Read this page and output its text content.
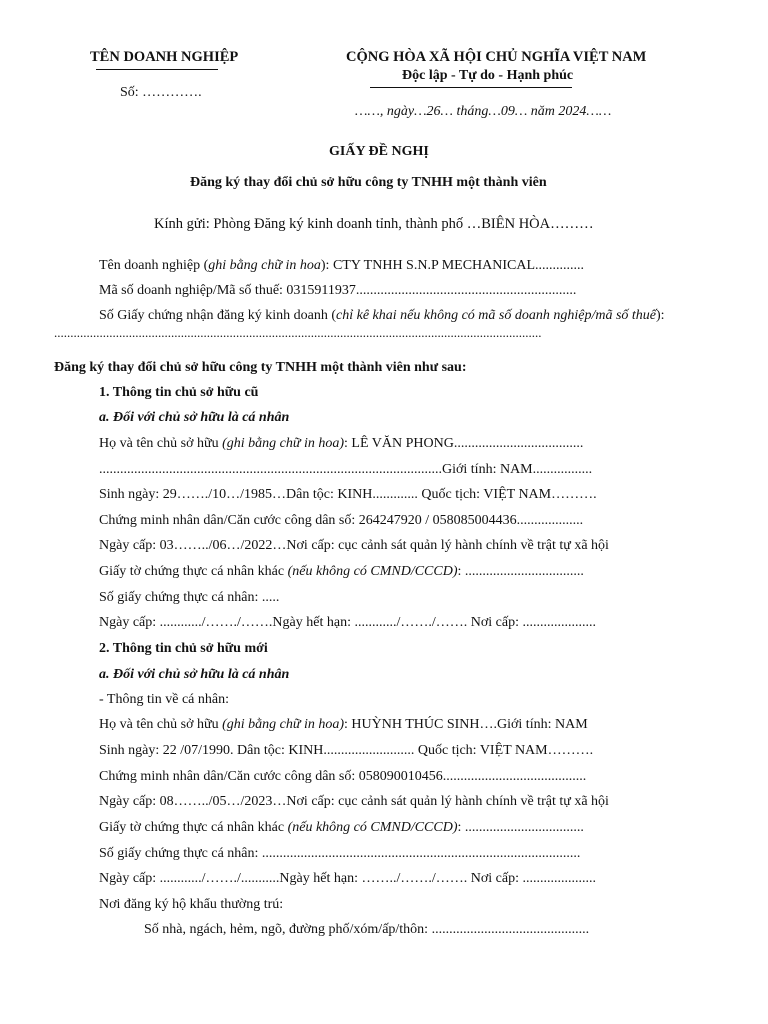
TÊN DOANH NGHIỆP
Số: ………….
CỘNG HÒA XÃ HỘI CHỦ NGHĨA VIỆT NAM
Độc lập - Tự do - Hạnh phúc
……, ngày…26… tháng…09… năm 2024……
GIẤY ĐỀ NGHỊ
Đăng ký thay đổi chủ sở hữu công ty TNHH một thành viên
Kính gửi: Phòng Đăng ký kinh doanh tỉnh, thành phố …BIÊN HÒA………
Tên doanh nghiệp (ghi bằng chữ in hoa): CTY TNHH S.N.P MECHANICAL..............
Mã số doanh nghiệp/Mã số thuế: 0315911937...............................................................
Số Giấy chứng nhận đăng ký kinh doanh (chỉ kê khai nếu không có mã số doanh nghiệp/mã số thuế):
......................................................................................................................................................
Đăng ký thay đổi chủ sở hữu công ty TNHH một thành viên như sau:
1. Thông tin chủ sở hữu cũ
a. Đối với chủ sở hữu là cá nhân
Họ và tên chủ sở hữu (ghi bằng chữ in hoa): LÊ VĂN PHONG.....................................
..................................................................................................Giới tính: NAM.................
Sinh ngày: 29……./10…/1985…Dân tộc: KINH............. Quốc tịch: VIỆT NAM……….
Chứng minh nhân dân/Căn cước công dân số: 264247920 / 058085004436...................
Ngày cấp: 03……../06…/2022…Nơi cấp: cục cảnh sát quản lý hành chính về trật tự xã hội
Giấy tờ chứng thực cá nhân khác (nếu không có CMND/CCCD): ..................................
Số giấy chứng thực cá nhân: .....
Ngày cấp: ............/……./…….Ngày hết hạn: ............/……./……. Nơi cấp: .....................
2. Thông tin chủ sở hữu mới
a. Đối với chủ sở hữu là cá nhân
- Thông tin về cá nhân:
Họ và tên chủ sở hữu (ghi bằng chữ in hoa): HUỲNH THÚC SINH….Giới tính: NAM
Sinh ngày: 22 /07/1990. Dân tộc: KINH.......................... Quốc tịch: VIỆT NAM……….
Chứng minh nhân dân/Căn cước công dân số: 058090010456.........................................
Ngày cấp: 08……../05…/2023…Nơi cấp: cục cảnh sát quản lý hành chính về trật tự xã hội
Giấy tờ chứng thực cá nhân khác (nếu không có CMND/CCCD): ..................................
Số giấy chứng thực cá nhân: ...........................................................................................
Ngày cấp: ............/……./...........Ngày hết hạn: ……../……./……. Nơi cấp: .....................
Nơi đăng ký hộ khẩu thường trú:
Số nhà, ngách, hẻm, ngõ, đường phố/xóm/ấp/thôn: .............................................
